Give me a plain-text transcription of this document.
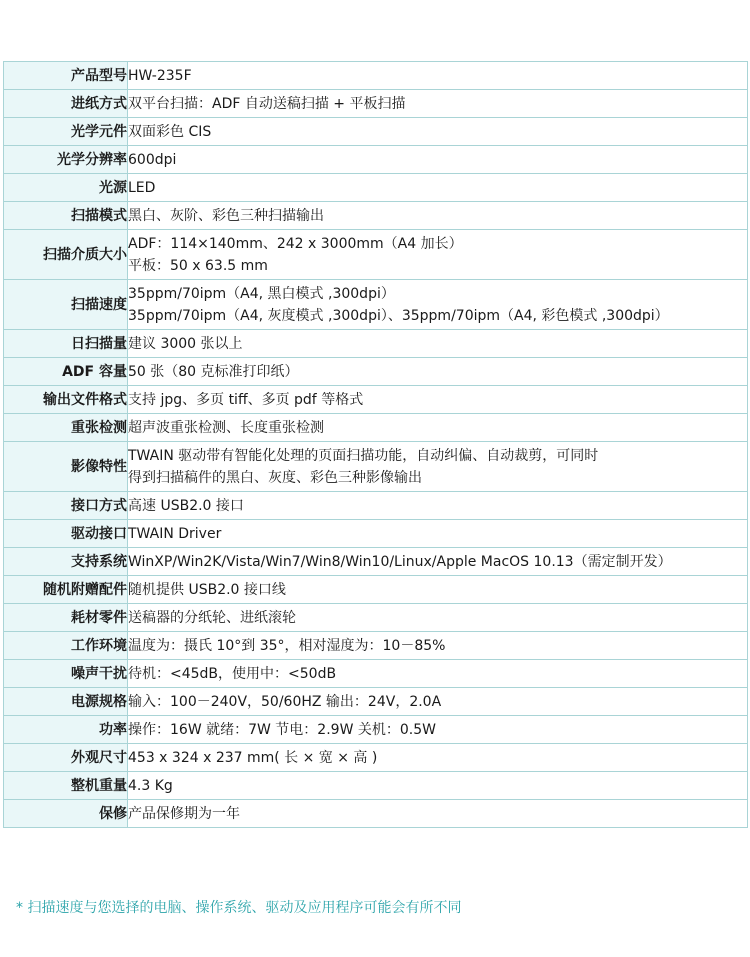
产品型号	HW-235F

进纸方式	双平台扫描：ADF 自动送稿扫描 + 平板扫描

光学元件	双面彩色 CIS

光学分辨率	600dpi

光源	LED

扫描模式	黑白、灰阶、彩色三种扫描输出

扫描介质大小	ADF：114×140mm、242 x 3000mm（A4 加长）
平板：50 x 63.5 mm

扫描速度	35ppm/70ipm（A4, 黑白模式 ,300dpi）
35ppm/70ipm（A4, 灰度模式 ,300dpi）、35ppm/70ipm（A4, 彩色模式 ,300dpi）

日扫描量	建议 3000 张以上

ADF 容量	50 张（80 克标准打印纸）

输出文件格式	支持 jpg、多页 tiff、多页 pdf 等格式

重张检测	超声波重张检测、长度重张检测

影像特性	TWAIN 驱动带有智能化处理的页面扫描功能，自动纠偏、自动裁剪，可同时
得到扫描稿件的黑白、灰度、彩色三种影像输出

接口方式	高速 USB2.0 接口

驱动接口	TWAIN Driver

支持系统	WinXP/Win2K/Vista/Win7/Win8/Win10/Linux/Apple MacOS 10.13（需定制开发）

随机附赠配件	随机提供 USB2.0 接口线

耗材零件	送稿器的分纸轮、进纸滚轮

工作环境	温度为：摄氏 10°到 35°，相对湿度为：10－85%

噪声干扰	待机：<45dB，使用中：<50dB

电源规格	输入：100－240V，50/60HZ 输出：24V，2.0A

功率	操作：16W 就绪：7W 节电：2.9W 关机：0.5W

外观尺寸	453 x 324 x 237 mm( 长 × 宽 × 高 )

整机重量	4.3 Kg

保修	产品保修期为一年
* 扫描速度与您选择的电脑、操作系统、驱动及应用程序可能会有所不同
